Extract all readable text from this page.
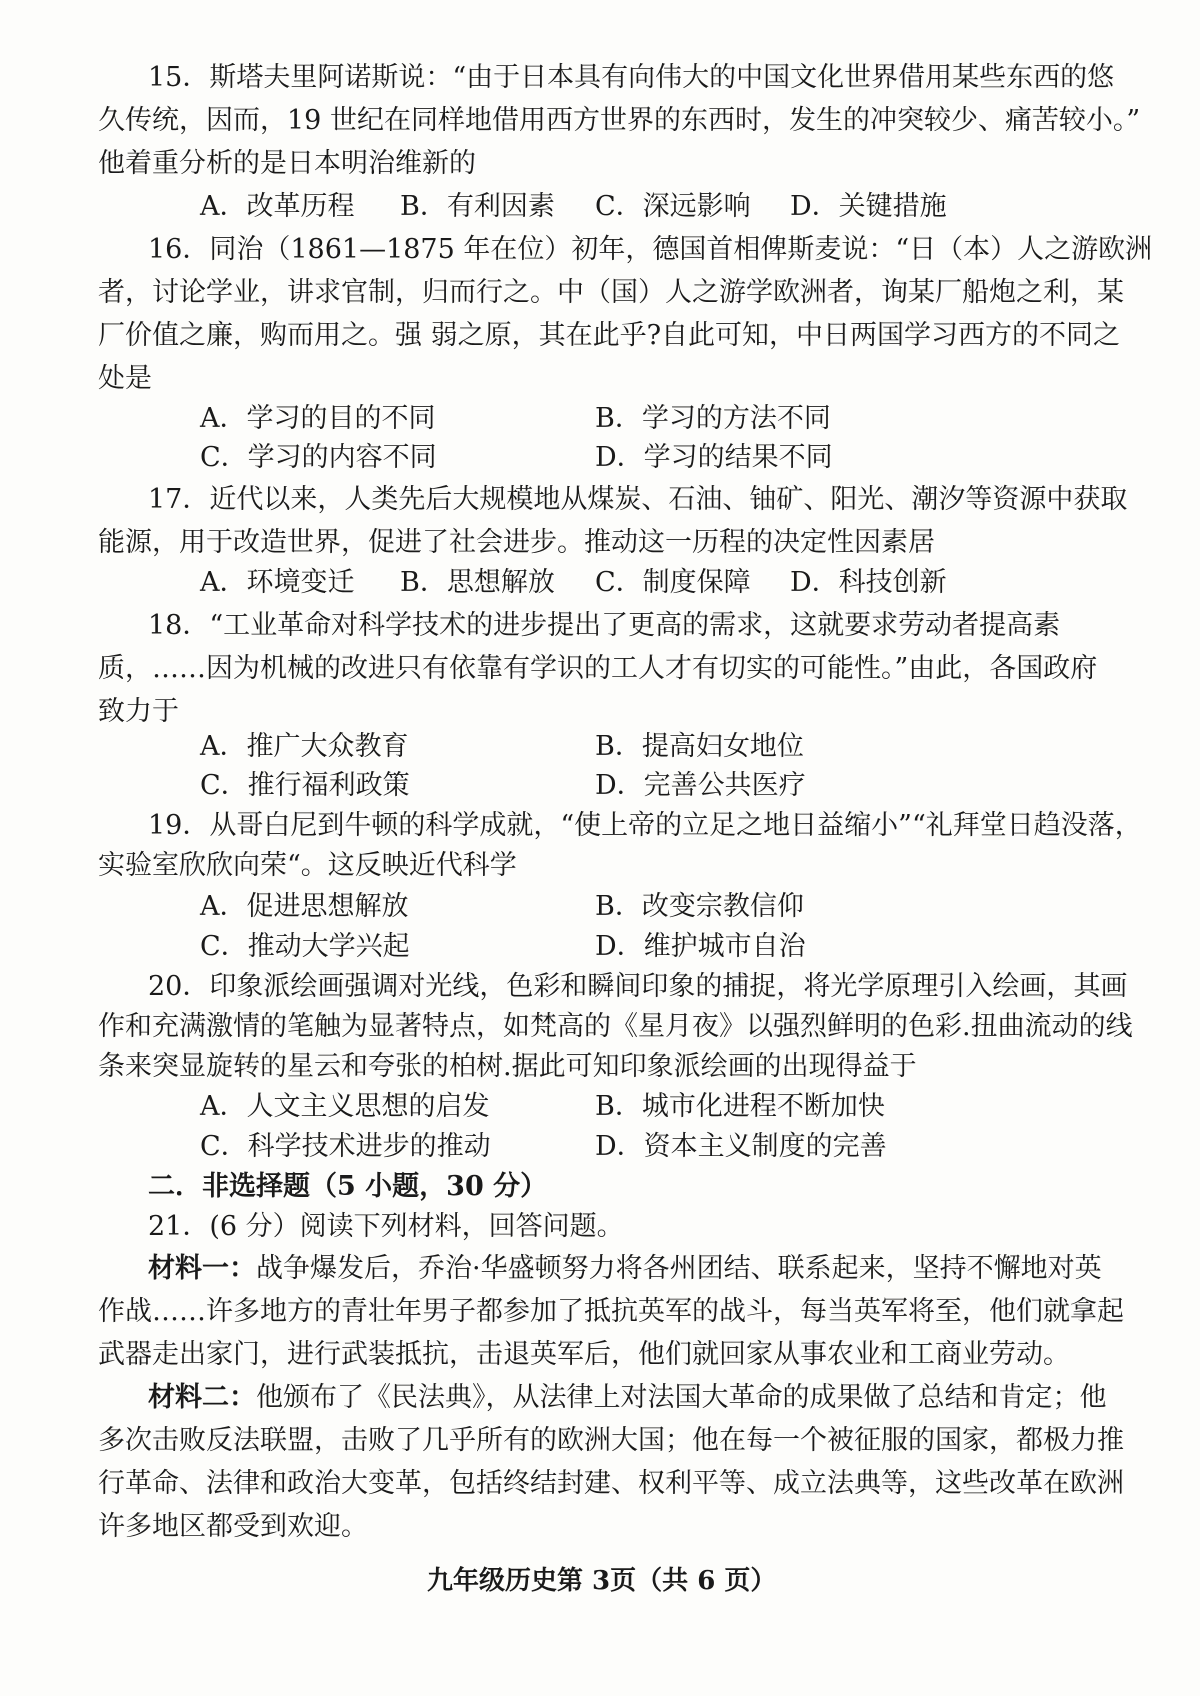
15．斯塔夫里阿诺斯说：“由于日本具有向伟大的中国文化世界借用某些东西的悠
久传统，因而，19 世纪在同样地借用西方世界的东西时，发生的冲突较少、痛苦较小。”
他着重分析的是日本明治维新的
A．改革历程 B．有利因素 C．深远影响 D．关键措施
16．同治（1861—1875 年在位）初年，德国首相俾斯麦说：“日（本）人之游欧洲
者，讨论学业，讲求官制，归而行之。中（国）人之游学欧洲者，询某厂船炮之利，某
厂价值之廉，购而用之。强 弱之原，其在此乎?自此可知，中日两国学习西方的不同之
处是
A．学习的目的不同	B．学习的方法不同
C．学习的内容不同	D．学习的结果不同
17．近代以来，人类先后大规模地从煤炭、石油、铀矿、阳光、潮汐等资源中获取
能源，用于改造世界，促进了社会进步。推动这一历程的决定性因素居
A．环境变迁 B．思想解放 C．制度保障 D．科技创新
18．“工业革命对科学技术的进步提出了更高的需求，这就要求劳动者提高素
质，……因为机械的改进只有依靠有学识的工人才有切实的可能性。”由此，各国政府
致力于
A．推广大众教育	B．提高妇女地位
C．推行福利政策	D．完善公共医疗
19．从哥白尼到牛顿的科学成就，“使上帝的立足之地日益缩小”“礼拜堂日趋没落，
实验室欣欣向荣“。这反映近代科学
A．促进思想解放	B．改变宗教信仰
C．推动大学兴起	D．维护城市自治
20．印象派绘画强调对光线，色彩和瞬间印象的捕捉，将光学原理引入绘画，其画
作和充满激情的笔触为显著特点，如梵高的《星月夜》以强烈鲜明的色彩.扭曲流动的线
条来突显旋转的星云和夸张的柏树.据此可知印象派绘画的出现得益于
A．人文主义思想的启发	B．城市化进程不断加快
C．科学技术进步的推动	D．资本主义制度的完善
二．非选择题（5 小题，30 分）
21．(6 分）阅读下列材料，回答问题。
材料一：战争爆发后，乔治·华盛顿努力将各州团结、联系起来，坚持不懈地对英
作战……许多地方的青壮年男子都参加了抵抗英军的战斗，每当英军将至，他们就拿起
武器走出家门，进行武装抵抗，击退英军后，他们就回家从事农业和工商业劳动。
材料二：他颁布了《民法典》，从法律上对法国大革命的成果做了总结和肯定；他
多次击败反法联盟，击败了几乎所有的欧洲大国；他在每一个被征服的国家，都极力推
行革命、法律和政治大变革，包括终结封建、权利平等、成立法典等，这些改革在欧洲
许多地区都受到欢迎。
九年级历史第 3页（共 6 页）
